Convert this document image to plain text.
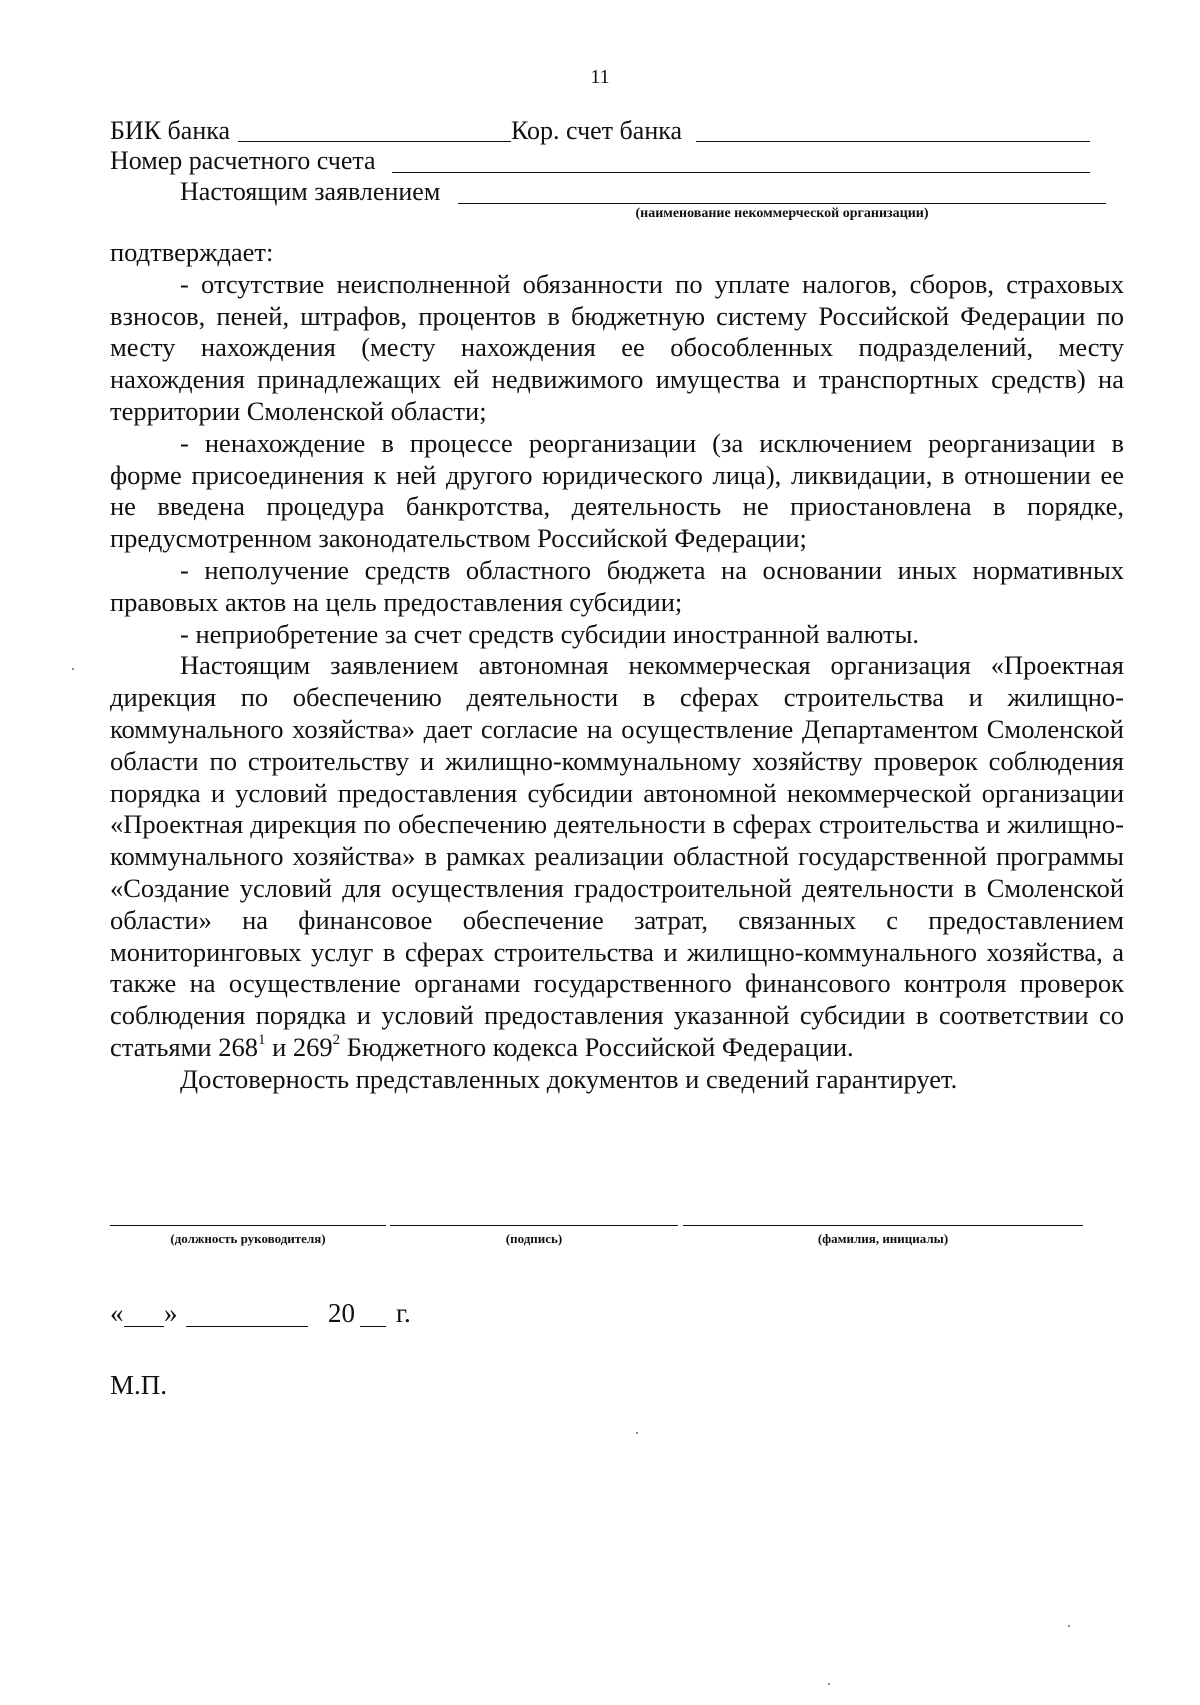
11
БИК банка	Кор. счет банка
Номер расчетного счета
Настоящим заявлением
(наименование некоммерческой организации)

подтверждает:

- отсутствие неисполненной обязанности по уплате налогов, сборов, страховых взносов, пеней, штрафов, процентов в бюджетную систему Российской Федерации по месту нахождения (месту нахождения ее обособленных подразделений, месту нахождения принадлежащих ей недвижимого имущества и транспортных средств) на территории Смоленской области;

- ненахождение в процессе реорганизации (за исключением реорганизации в форме присоединения к ней другого юридического лица), ликвидации, в отношении ее не введена процедура банкротства, деятельность не приостановлена в порядке, предусмотренном законодательством Российской Федерации;

- неполучение средств областного бюджета на основании иных нормативных правовых актов на цель предоставления субсидии;

- неприобретение за счет средств субсидии иностранной валюты.

Настоящим заявлением автономная некоммерческая организация «Проектная дирекция по обеспечению деятельности в сферах строительства и жилищно-коммунального хозяйства» дает согласие на осуществление Департаментом Смоленской области по строительству и жилищно-коммунальному хозяйству проверок соблюдения порядка и условий предоставления субсидии автономной некоммерческой организации «Проектная дирекция по обеспечению деятельности в сферах строительства и жилищно-коммунального хозяйства» в рамках реализации областной государственной программы «Создание условий для осуществления градостроительной деятельности в Смоленской области» на финансовое обеспечение затрат, связанных с предоставлением мониторинговых услуг в сферах строительства и жилищно-коммунального хозяйства, а также на осуществление органами государственного финансового контроля проверок соблюдения порядка и условий предоставления указанной субсидии в соответствии со статьями $268^1$ и $269^2$ Бюджетного кодекса Российской Федерации.

Достоверность представленных документов и сведений гарантирует.

(должность руководителя)	(подпись)	(фамилия, инициалы)
« »	20 г.
М.П.
